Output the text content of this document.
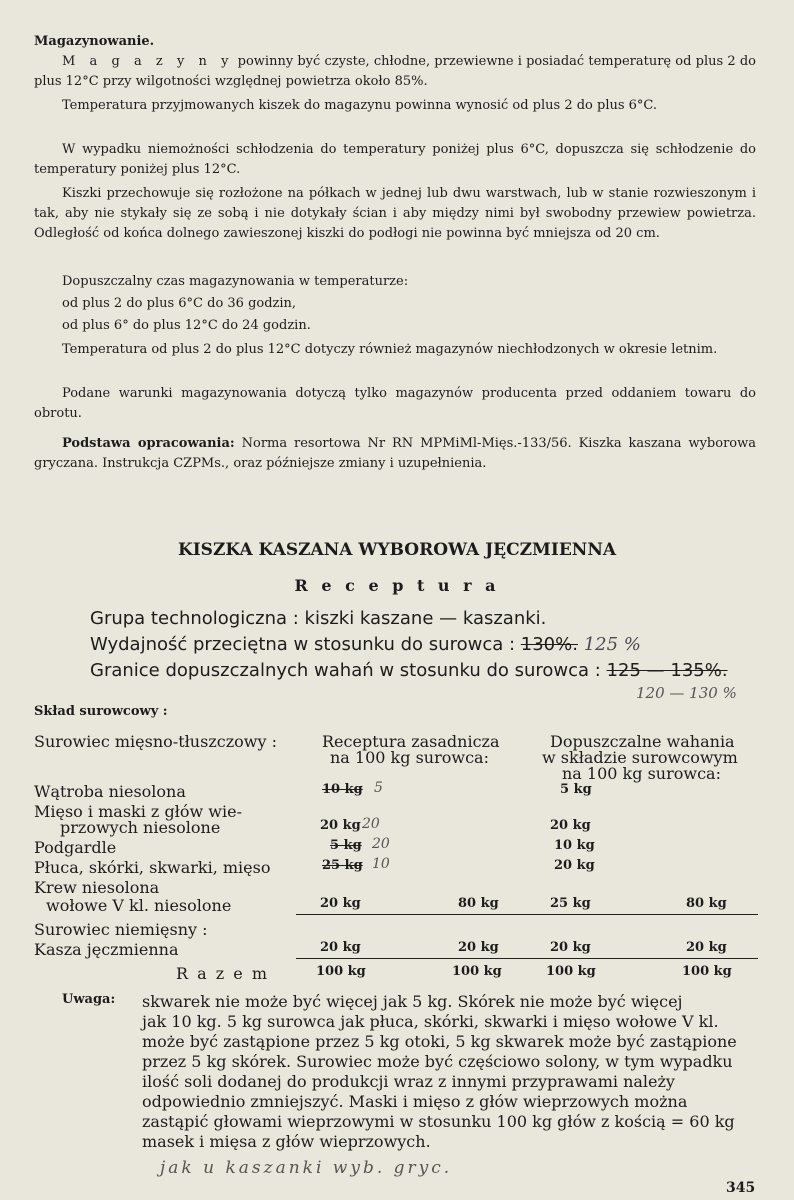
Magazynowanie.
M a g a z y n y powinny być czyste, chłodne, przewiewne i posiadać temperaturę od plus 2 do plus 12°C przy wilgotności względnej powietrza około 85%.
Temperatura przyjmowanych kiszek do magazynu powinna wynosić od plus 2 do plus 6°C.
W wypadku niemożności schłodzenia do temperatury poniżej plus 6°C, dopuszcza się schłodzenie do temperatury poniżej plus 12°C.
Kiszki przechowuje się rozłożone na półkach w jednej lub dwu warstwach, lub w stanie rozwieszonym i tak, aby nie stykały się ze sobą i nie dotykały ścian i aby między nimi był swobodny przewiew powietrza. Odległość od końca dolnego zawieszonej kiszki do podłogi nie powinna być mniejsza od 20 cm.
Dopuszczalny czas magazynowania w temperaturze:
od plus 2 do plus 6°C do 36 godzin,
od plus 6° do plus 12°C do 24 godzin.
Temperatura od plus 2 do plus 12°C dotyczy również magazynów niechłodzonych w okresie letnim.
Podane warunki magazynowania dotyczą tylko magazynów producenta przed oddaniem towaru do obrotu.
Podstawa opracowania: Norma resortowa Nr RN MPMiMl-Mięs.-133/56. Kiszka kaszana wyborowa gryczana. Instrukcja CZPMs., oraz późniejsze zmiany i uzupełnienia.
KISZKA KASZANA WYBOROWA JĘCZMIENNA
R e c e p t u r a
Grupa technologiczna : kiszki kaszane — kaszanki.
Wydajność przeciętna w stosunku do surowca : 130%. 125 %
Granice dopuszczalnych wahań w stosunku do surowca : 125 — 135%.
120 — 130 %
Skład surowcowy :
Surowiec mięsno-tłuszczowy :	Receptura zasadnicza
na 100 kg surowca:
Dopuszczalne wahania
w składzie surowcowym
na 100 kg surowca:
Wątroba niesolona	10 kg 5	5 kg
Mięso i maski z głów wie-
przowych niesolone	20 kg 20	20 kg
Podgardle	5 kg 20	10 kg
Płuca, skórki, skwarki, mięso	25 kg 10	20 kg
Krew niesolona
wołowe V kl. niesolone	20 kg	80 kg	25 kg	80 kg
Surowiec niemięsny :
Kasza jęczmienna	20 kg	20 kg	20 kg	20 kg
R a z e m	100 kg	100 kg	100 kg	100 kg
Uwaga: skwarek nie może być więcej jak 5 kg. Skórek nie może być więcej
jak 10 kg. 5 kg surowca jak płuca, skórki, skwarki i mięso wołowe V kl.
może być zastąpione przez 5 kg otoki, 5 kg skwarek może być zastąpione
przez 5 kg skórek. Surowiec może być częściowo solony, w tym wypadku
ilość soli dodanej do produkcji wraz z innymi przyprawami należy
odpowiednio zmniejszyć. Maski i mięso z głów wieprzowych można
zastąpić głowami wieprzowymi w stosunku 100 kg głów z kością = 60 kg
masek i mięsa z głów wieprzowych.
jak u kaszanki wyb. gryc.
345
